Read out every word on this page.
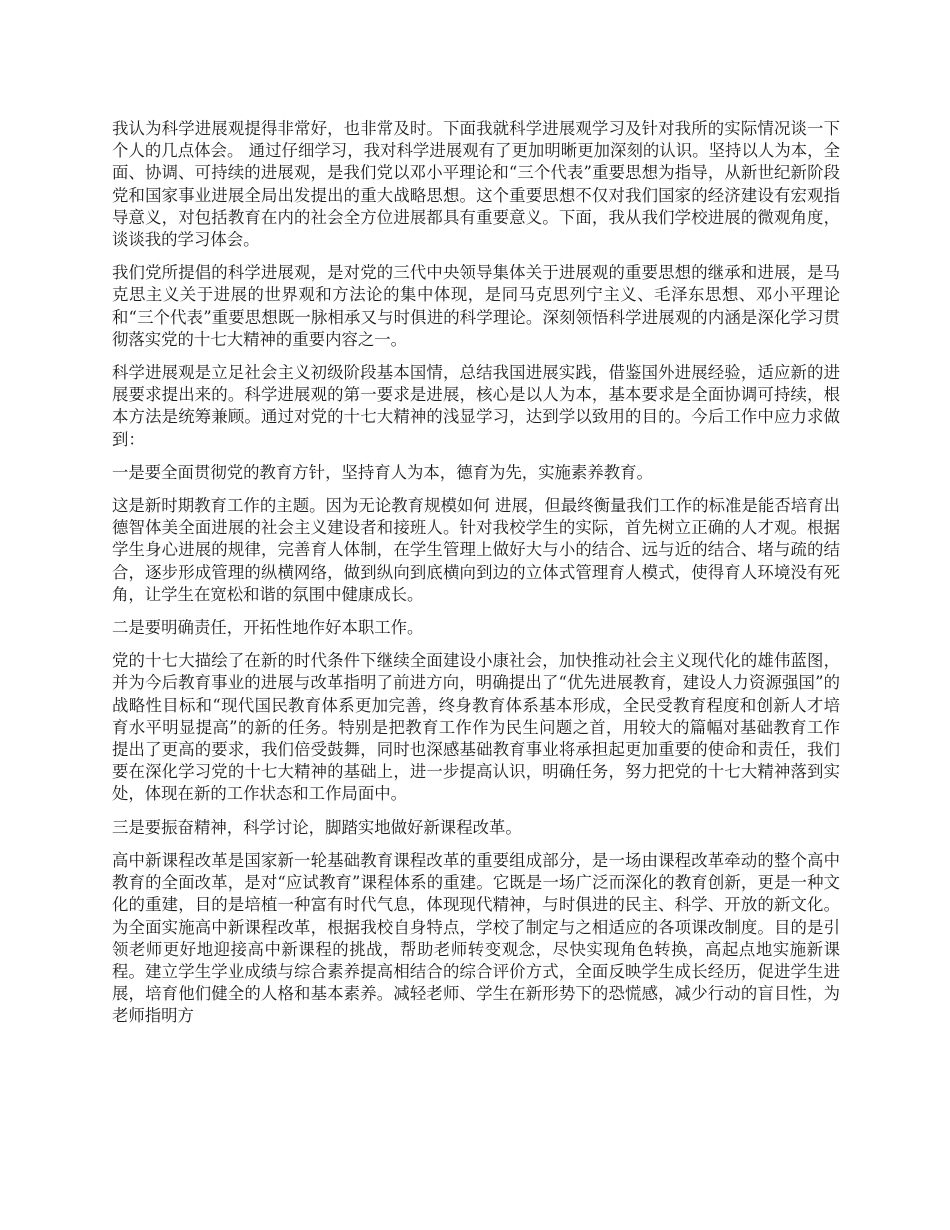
我认为科学进展观提得非常好，也非常及时。下面我就科学进展观学习及针对我所的实际情况谈一下个人的几点体会。 通过仔细学习，我对科学进展观有了更加明晰更加深刻的认识。坚持以人为本，全面、协调、可持续的进展观，是我们党以邓小平理论和“三个代表”重要思想为指导，从新世纪新阶段党和国家事业进展全局出发提出的重大战略思想。这个重要思想不仅对我们国家的经济建设有宏观指导意义，对包括教育在内的社会全方位进展都具有重要意义。下面，我从我们学校进展的微观角度，谈谈我的学习体会。

我们党所提倡的科学进展观，是对党的三代中央领导集体关于进展观的重要思想的继承和进展，是马克思主义关于进展的世界观和方法论的集中体现，是同马克思列宁主义、毛泽东思想、邓小平理论和“三个代表”重要思想既一脉相承又与时俱进的科学理论。深刻领悟科学进展观的内涵是深化学习贯彻落实党的十七大精神的重要内容之一。

科学进展观是立足社会主义初级阶段基本国情，总结我国进展实践，借鉴国外进展经验，适应新的进展要求提出来的。科学进展观的第一要求是进展，核心是以人为本，基本要求是全面协调可持续，根本方法是统筹兼顾。通过对党的十七大精神的浅显学习，达到学以致用的目的。今后工作中应力求做到：

一是要全面贯彻党的教育方针，坚持育人为本，德育为先，实施素养教育。

这是新时期教育工作的主题。因为无论教育规模如何 进展，但最终衡量我们工作的标准是能否培育出德智体美全面进展的社会主义建设者和接班人。针对我校学生的实际，首先树立正确的人才观。根据学生身心进展的规律，完善育人体制，在学生管理上做好大与小的结合、远与近的结合、堵与疏的结合，逐步形成管理的纵横网络，做到纵向到底横向到边的立体式管理育人模式，使得育人环境没有死角，让学生在宽松和谐的氛围中健康成长。

二是要明确责任，开拓性地作好本职工作。

党的十七大描绘了在新的时代条件下继续全面建设小康社会，加快推动社会主义现代化的雄伟蓝图，并为今后教育事业的进展与改革指明了前进方向，明确提出了“优先进展教育，建设人力资源强国”的战略性目标和“现代国民教育体系更加完善，终身教育体系基本形成，全民受教育程度和创新人才培育水平明显提高”的新的任务。特别是把教育工作作为民生问题之首，用较大的篇幅对基础教育工作提出了更高的要求，我们倍受鼓舞，同时也深感基础教育事业将承担起更加重要的使命和责任，我们要在深化学习党的十七大精神的基础上，进一步提高认识，明确任务，努力把党的十七大精神落到实处，体现在新的工作状态和工作局面中。

三是要振奋精神，科学讨论，脚踏实地做好新课程改革。

高中新课程改革是国家新一轮基础教育课程改革的重要组成部分，是一场由课程改革牵动的整个高中教育的全面改革，是对“应试教育”课程体系的重建。它既是一场广泛而深化的教育创新，更是一种文化的重建，目的是培植一种富有时代气息，体现现代精神，与时俱进的民主、科学、开放的新文化。为全面实施高中新课程改革，根据我校自身特点，学校了制定与之相适应的各项课改制度。目的是引领老师更好地迎接高中新课程的挑战，帮助老师转变观念，尽快实现角色转换，高起点地实施新课程。建立学生学业成绩与综合素养提高相结合的综合评价方式，全面反映学生成长经历，促进学生进展，培育他们健全的人格和基本素养。减轻老师、学生在新形势下的恐慌感，减少行动的盲目性，为老师指明方
